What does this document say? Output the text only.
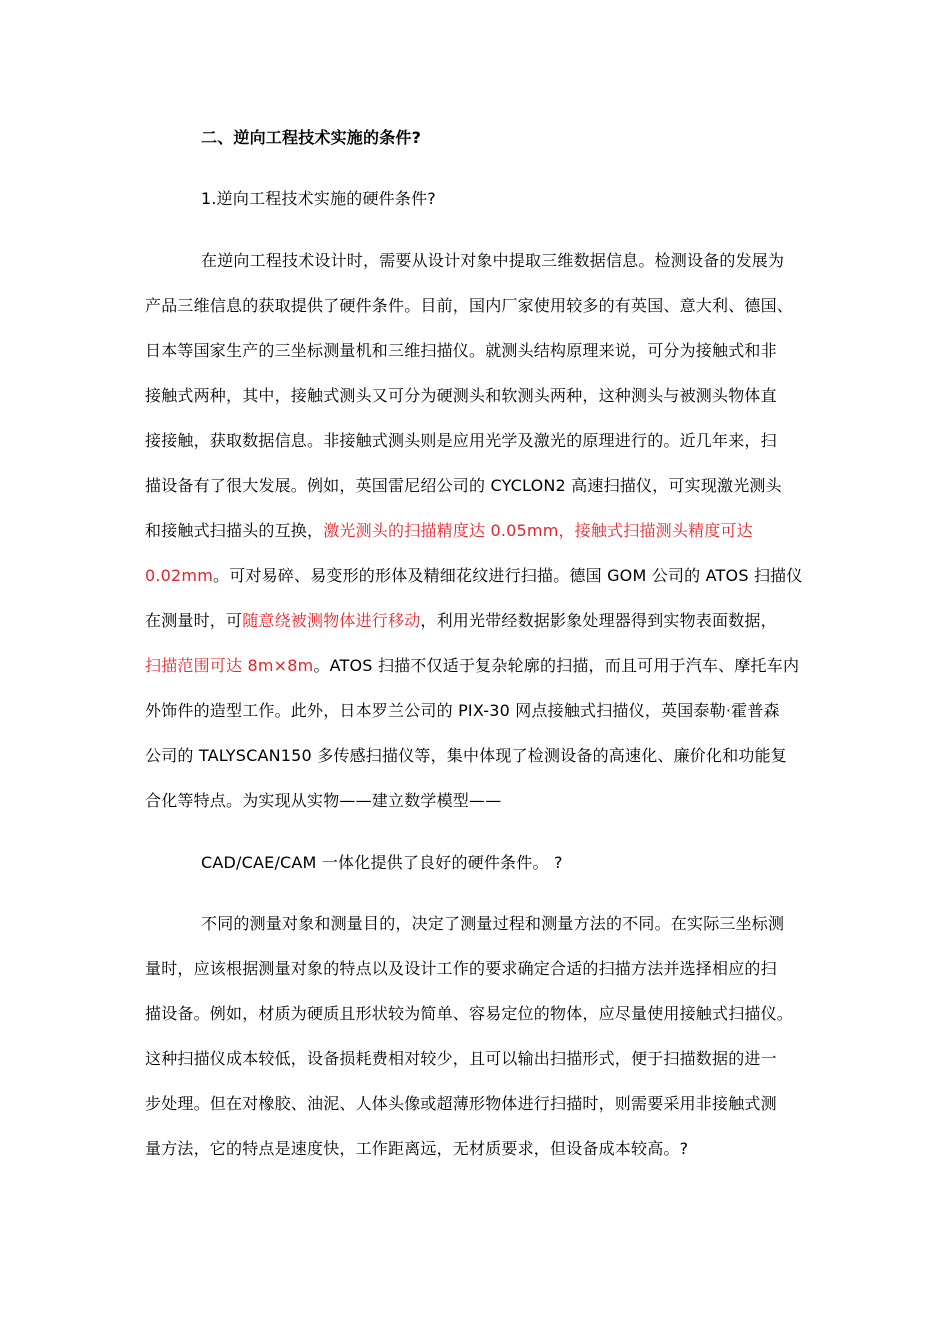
二、逆向工程技术实施的条件?
1.逆向工程技术实施的硬件条件?
在逆向工程技术设计时，需要从设计对象中提取三维数据信息。检测设备的发展为
产品三维信息的获取提供了硬件条件。目前，国内厂家使用较多的有英国、意大利、德国、
日本等国家生产的三坐标测量机和三维扫描仪。就测头结构原理来说，可分为接触式和非
接触式两种，其中，接触式测头又可分为硬测头和软测头两种，这种测头与被测头物体直
接接触，获取数据信息。非接触式测头则是应用光学及激光的原理进行的。近几年来，扫
描设备有了很大发展。例如，英国雷尼绍公司的 CYCLON2 高速扫描仪，可实现激光测头
和接触式扫描头的互换，激光测头的扫描精度达 0.05mm，接触式扫描测头精度可达
0.02mm。可对易碎、易变形的形体及精细花纹进行扫描。德国 GOM 公司的 ATOS 扫描仪
在测量时，可随意绕被测物体进行移动，利用光带经数据影象处理器得到实物表面数据，
扫描范围可达 8m×8m。ATOS 扫描不仅适于复杂轮廓的扫描，而且可用于汽车、摩托车内
外饰件的造型工作。此外，日本罗兰公司的 PIX-30 网点接触式扫描仪，英国泰勒·霍普森
公司的 TALYSCAN150 多传感扫描仪等，集中体现了检测设备的高速化、廉价化和功能复
合化等特点。为实现从实物——建立数学模型——
CAD/CAE/CAM 一体化提供了良好的硬件条件。 ?
不同的测量对象和测量目的，决定了测量过程和测量方法的不同。在实际三坐标测
量时，应该根据测量对象的特点以及设计工作的要求确定合适的扫描方法并选择相应的扫
描设备。例如，材质为硬质且形状较为简单、容易定位的物体，应尽量使用接触式扫描仪。
这种扫描仪成本较低，设备损耗费相对较少，且可以输出扫描形式，便于扫描数据的进一
步处理。但在对橡胶、油泥、人体头像或超薄形物体进行扫描时，则需要采用非接触式测
量方法，它的特点是速度快，工作距离远，无材质要求，但设备成本较高。?
